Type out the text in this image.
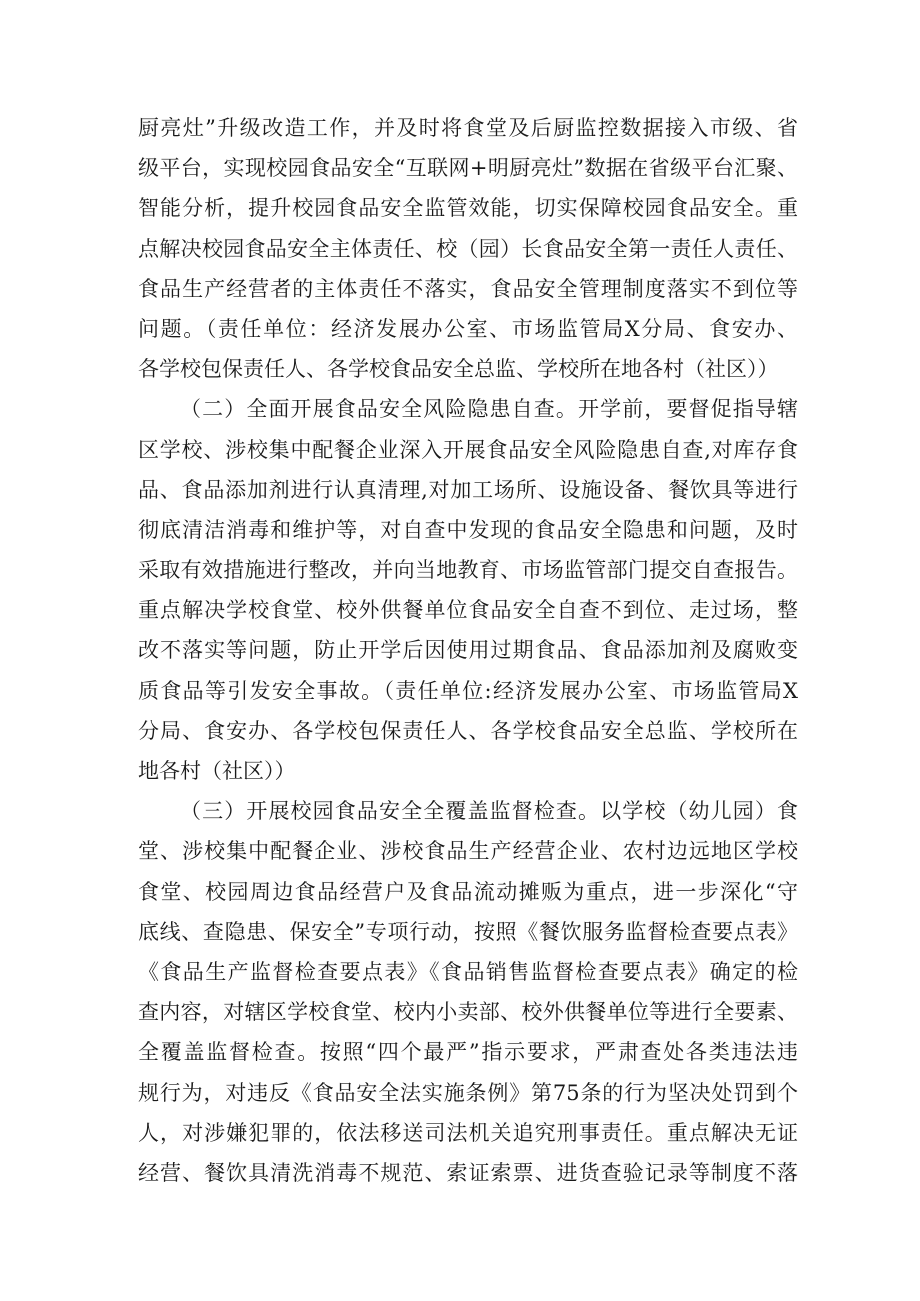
厨亮灶”升级改造工作，并及时将食堂及后厨监控数据接入市级、省
级平台，实现校园食品安全“互联网+明厨亮灶”数据在省级平台汇聚、
智能分析，提升校园食品安全监管效能，切实保障校园食品安全。重
点解决校园食品安全主体责任、校（园）长食品安全第一责任人责任、
食品生产经营者的主体责任不落实，食品安全管理制度落实不到位等
问题。（责任单位：经济发展办公室、市场监管局X分局、食安办、
各学校包保责任人、各学校食品安全总监、学校所在地各村（社区））
（二）全面开展食品安全风险隐患自查。开学前，要督促指导辖
区学校、涉校集中配餐企业深入开展食品安全风险隐患自查,对库存食
品、食品添加剂进行认真清理,对加工场所、设施设备、餐饮具等进行
彻底清洁消毒和维护等，对自查中发现的食品安全隐患和问题，及时
采取有效措施进行整改，并向当地教育、市场监管部门提交自查报告。
重点解决学校食堂、校外供餐单位食品安全自查不到位、走过场，整
改不落实等问题，防止开学后因使用过期食品、食品添加剂及腐败变
质食品等引发安全事故。（责任单位:经济发展办公室、市场监管局X
分局、食安办、各学校包保责任人、各学校食品安全总监、学校所在
地各村（社区））
（三）开展校园食品安全全覆盖监督检查。以学校（幼儿园）食
堂、涉校集中配餐企业、涉校食品生产经营企业、农村边远地区学校
食堂、校园周边食品经营户及食品流动摊贩为重点，进一步深化“守
底线、查隐患、保安全”专项行动，按照《餐饮服务监督检查要点表》
《食品生产监督检查要点表》《食品销售监督检查要点表》确定的检
查内容，对辖区学校食堂、校内小卖部、校外供餐单位等进行全要素、
全覆盖监督检查。按照“四个最严”指示要求，严肃查处各类违法违
规行为，对违反《食品安全法实施条例》第75条的行为坚决处罚到个
人，对涉嫌犯罪的，依法移送司法机关追究刑事责任。重点解决无证
经营、餐饮具清洗消毒不规范、索证索票、进货查验记录等制度不落
